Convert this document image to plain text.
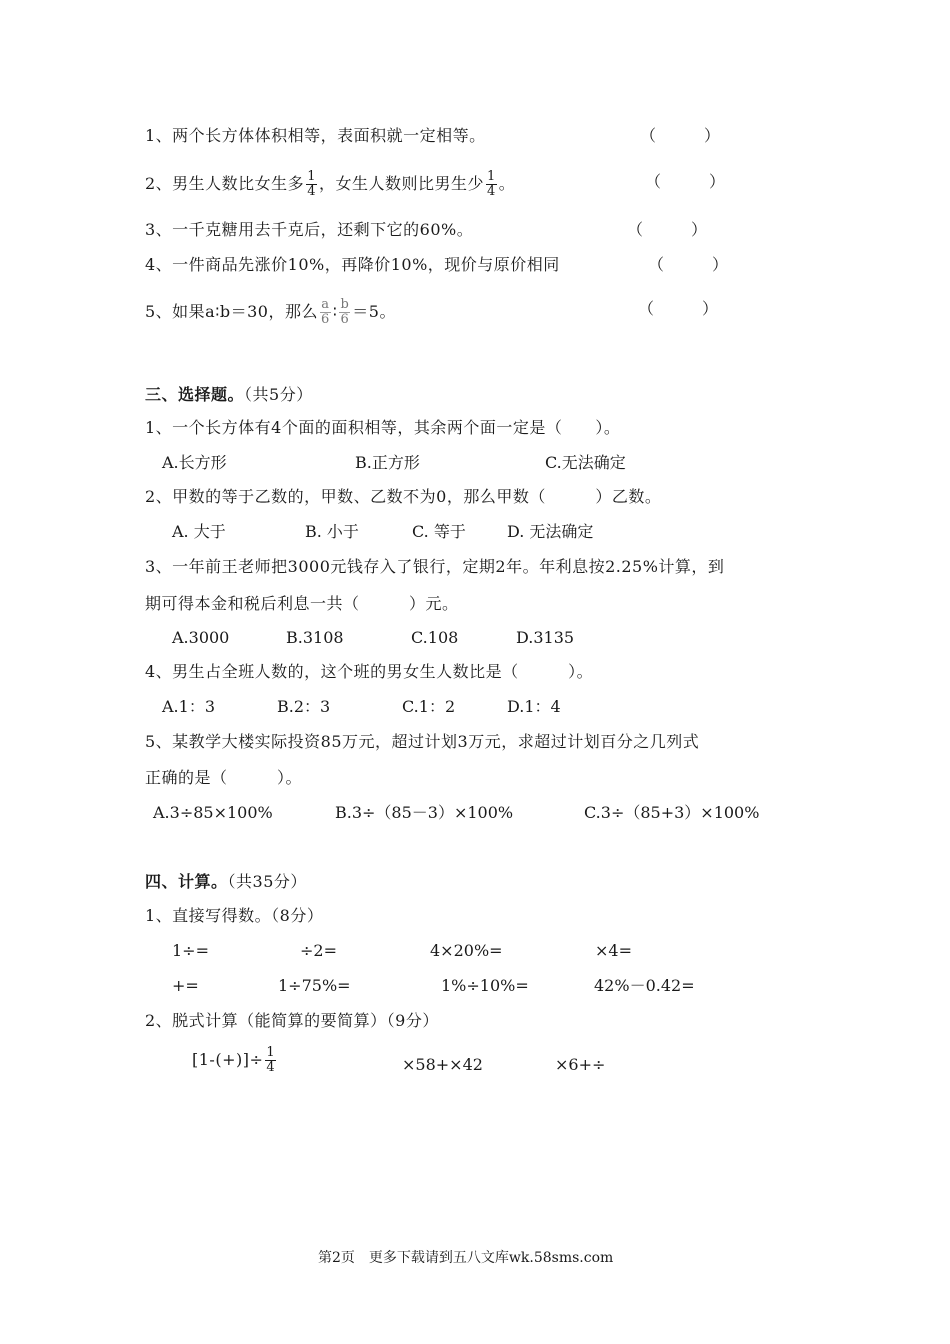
1、两个长方体体积相等，表面积就一定相等。	（　　　）
2、男生人数比女生多 $\frac{1}{4}$ ，女生人数则比男生少 $\frac{1}{4}$ 。	（　　　）
3、一千克糖用去千克后，还剩下它的60%。	（　　　）
4、一件商品先涨价10%，再降价10%，现价与原价相同	（　　　）
5、如果a∶b＝30，那么 $\frac{a}{6}$ ∶ $\frac{b}{6} =5$。	（　　　）
三、选择题。（共5分）
1、一个长方体有4个面的面积相等，其余两个面一定是（　　）。
A.长方形	B.正方形	C.无法确定
2、甲数的等于乙数的，甲数、乙数不为0，那么甲数（　　　）乙数。
A. 大于	B. 小于	C. 等于	D. 无法确定
3、一年前王老师把3000元钱存入了银行，定期2年。年利息按2.25%计算，到
期可得本金和税后利息一共（　　　）元。
A.3000	B.3108	C.108	D.3135
4、男生占全班人数的，这个班的男女生人数比是（　　　）。
A.1：3	B.2：3	C.1：2	D.1：4
5、某教学大楼实际投资85万元，超过计划3万元，求超过计划百分之几列式
正确的是（　　　）。
A.3÷85×100%	B.3÷（85－3）×100%	C.3÷（85+3）×100%
四、计算。（共35分）
1、直接写得数。（8分）
1÷=	÷2=	4×20%=	×4=
+=	1÷75%=	1%÷10%=	42%－0.42=
2、脱式计算（能简算的要简算）（9分）
$[1-(+)]\div \frac{1}{4}$	×58+×42	×6+÷
第2页　更多下载请到五八文库wk.58sms.com
